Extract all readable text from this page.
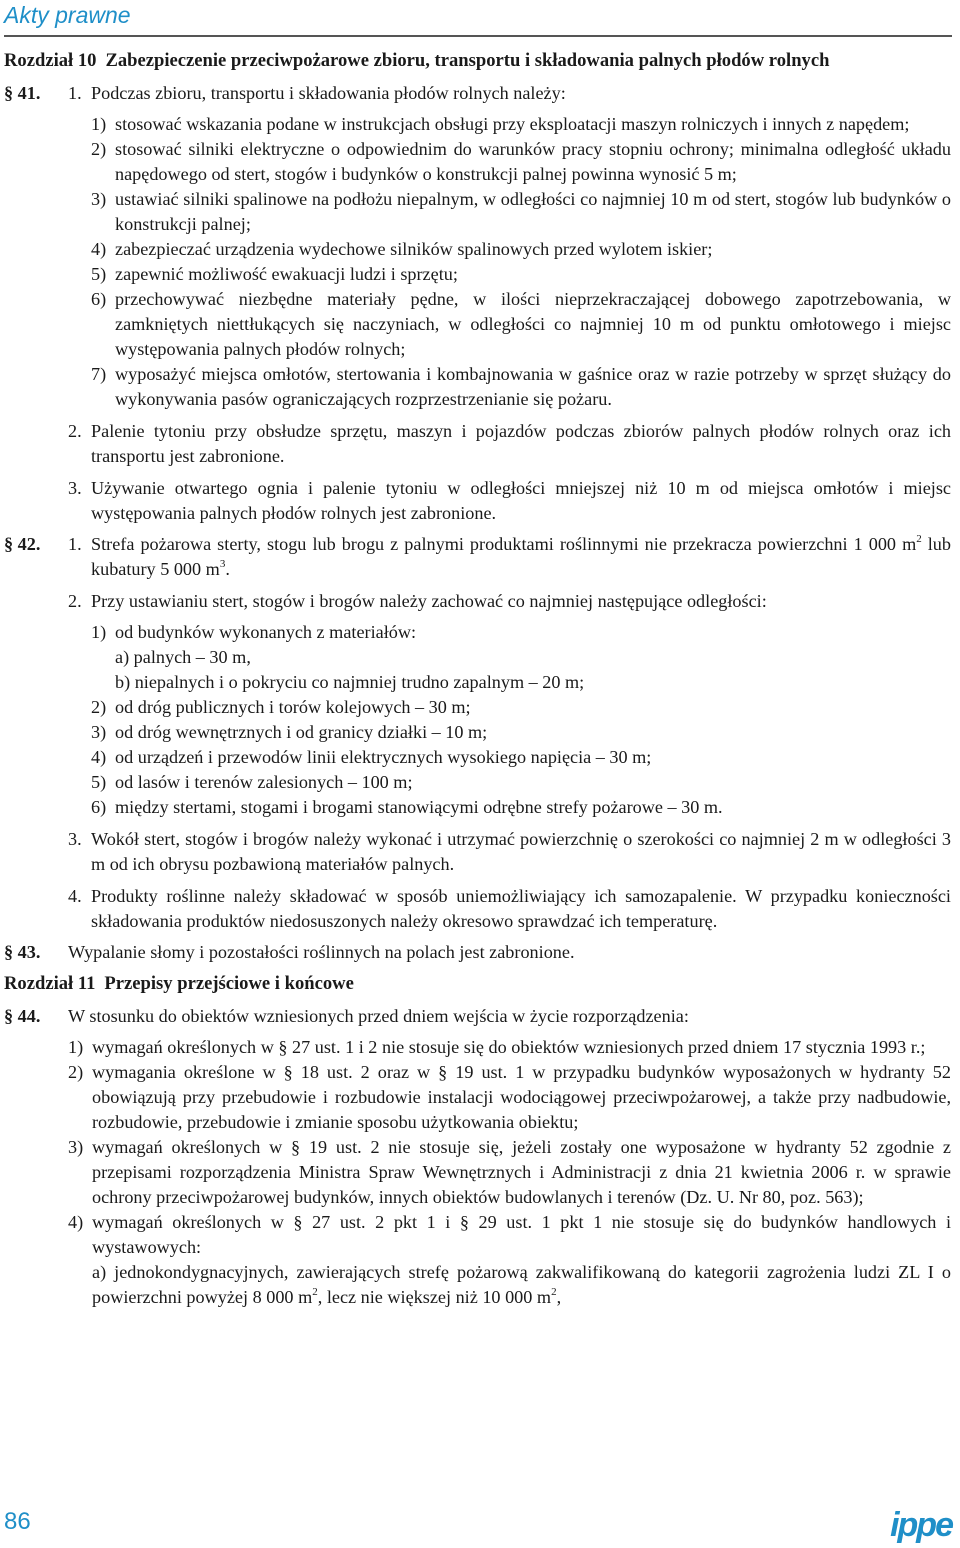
Akty prawne

Rozdział 10 Zabezpieczenie przeciwpożarowe zbioru, transportu i składowania palnych płodów rolnych

§ 41.	1. Podczas zbioru, transportu i składowania płodów rolnych należy:
1) stosować wskazania podane w instrukcjach obsługi przy eksploatacji maszyn rolniczych i innych z napędem;
2) stosować silniki elektryczne o odpowiednim do warunków pracy stopniu ochrony; minimalna odległość układu napędowego od stert, stogów i budynków o konstrukcji palnej powinna wynosić 5 m;
3) ustawiać silniki spalinowe na podłożu niepalnym, w odległości co najmniej 10 m od stert, stogów lub budynków o konstrukcji palnej;
4) zabezpieczać urządzenia wydechowe silników spalinowych przed wylotem iskier;
5) zapewnić możliwość ewakuacji ludzi i sprzętu;
6) przechowywać niezbędne materiały pędne, w ilości nieprzekraczającej dobowego zapotrzebowania, w zamkniętych niettłukących się naczyniach, w odległości co najmniej 10 m od punktu omłotowego i miejsc występowania palnych płodów rolnych;
7) wyposażyć miejsca omłotów, stertowania i kombajnowania w gaśnice oraz w razie potrzeby w sprzęt służący do wykonywania pasów ograniczających rozprzestrzenianie się pożaru.
2. Palenie tytoniu przy obsłudze sprzętu, maszyn i pojazdów podczas zbiorów palnych płodów rolnych oraz ich transportu jest zabronione.
3. Używanie otwartego ognia i palenie tytoniu w odległości mniejszej niż 10 m od miejsca omłotów i miejsc występowania palnych płodów rolnych jest zabronione.
§ 42.	1. Strefa pożarowa sterty, stogu lub brogu z palnymi produktami roślinnymi nie przekracza powierzchni 1 000 $m^2$ lub kubatury 5 000 $m^3$.
2. Przy ustawianiu stert, stogów i brogów należy zachować co najmniej następujące odległości:
1) od budynków wykonanych z materiałów:
a) palnych – 30 m,
b) niepalnych i o pokryciu co najmniej trudno zapalnym – 20 m;
2) od dróg publicznych i torów kolejowych – 30 m;
3) od dróg wewnętrznych i od granicy działki – 10 m;
4) od urządzeń i przewodów linii elektrycznych wysokiego napięcia – 30 m;
5) od lasów i terenów zalesionych – 100 m;
6) między stertami, stogami i brogami stanowiącymi odrębne strefy pożarowe – 30 m.
3. Wokół stert, stogów i brogów należy wykonać i utrzymać powierzchnię o szerokości co najmniej 2 m w odległości 3 m od ich obrysu pozbawioną materiałów palnych.
4. Produkty roślinne należy składować w sposób uniemożliwiający ich samozapalenie. W przypadku konieczności składowania produktów niedosuszonych należy okresowo sprawdzać ich temperaturę.
§ 43.	Wypalanie słomy i pozostałości roślinnych na polach jest zabronione.

Rozdział 11 Przepisy przejściowe i końcowe

§ 44.	W stosunku do obiektów wzniesionych przed dniem wejścia w życie rozporządzenia:
1) wymagań określonych w § 27 ust. 1 i 2 nie stosuje się do obiektów wzniesionych przed dniem 17 stycznia 1993 r.;
2) wymagania określone w § 18 ust. 2 oraz w § 19 ust. 1 w przypadku budynków wyposażonych w hydranty 52 obowiązują przy przebudowie i rozbudowie instalacji wodociągowej przeciwpożarowej, a także przy nadbudowie, rozbudowie, przebudowie i zmianie sposobu użytkowania obiektu;
3) wymagań określonych w § 19 ust. 2 nie stosuje się, jeżeli zostały one wyposażone w hydranty 52 zgodnie z przepisami rozporządzenia Ministra Spraw Wewnętrznych i Administracji z dnia 21 kwietnia 2006 r. w sprawie ochrony przeciwpożarowej budynków, innych obiektów budowlanych i terenów (Dz. U. Nr 80, poz. 563);
4) wymagań określonych w § 27 ust. 2 pkt 1 i § 29 ust. 1 pkt 1 nie stosuje się do budynków handlowych i wystawowych:
a) jednokondygnacyjnych, zawierających strefę pożarową zakwalifikowaną do kategorii zagrożenia ludzi ZL I o powierzchni powyżej 8 000 $m^2$, lecz nie większej niż 10 000 $m^2$,
86	ippe
